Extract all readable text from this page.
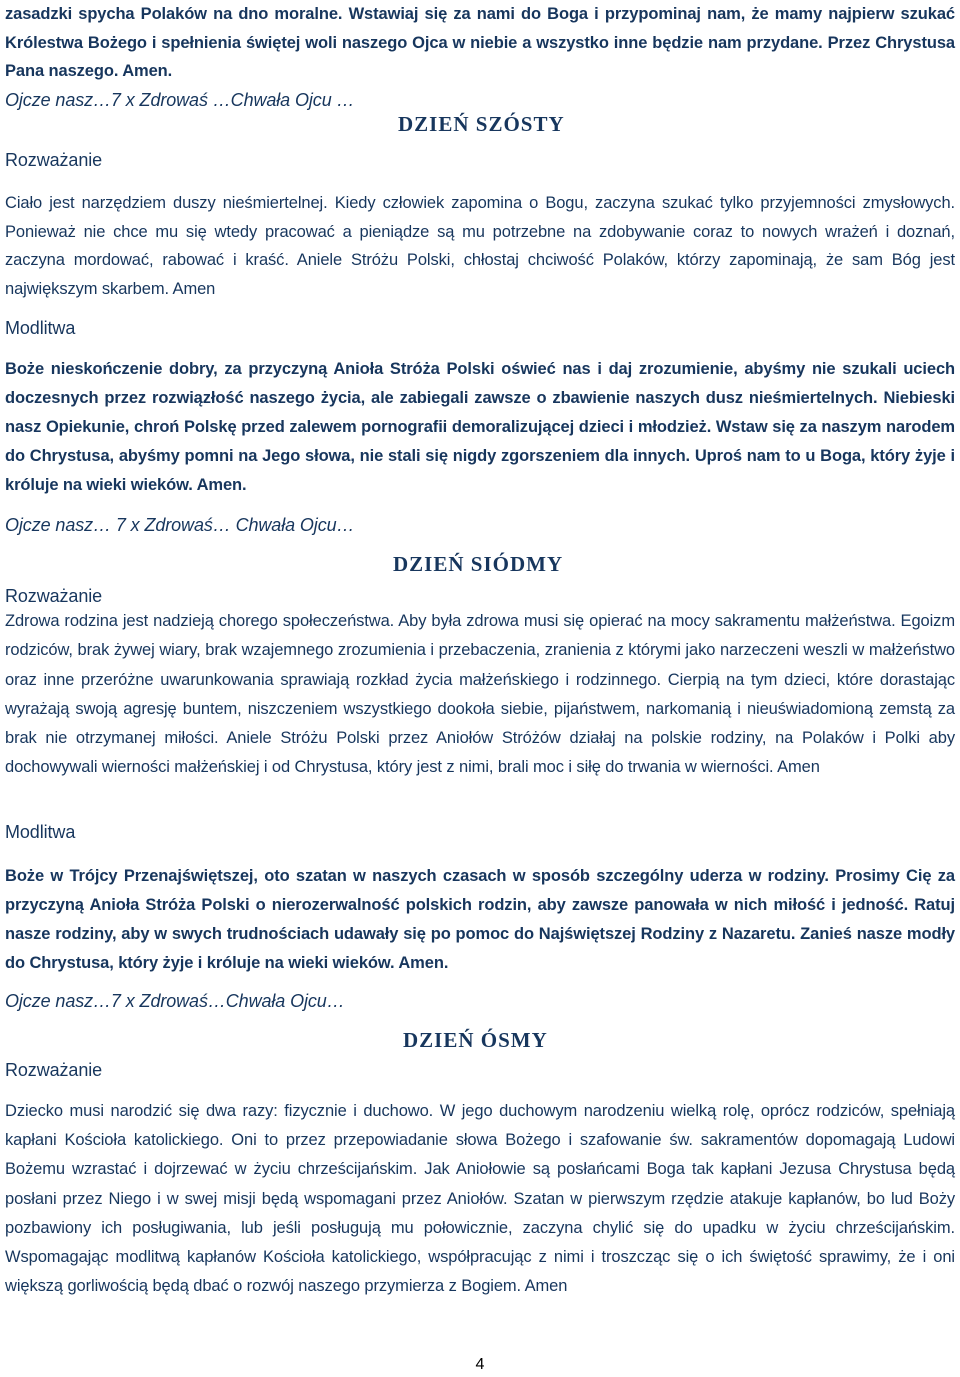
zasadzki spycha Polaków na dno moralne. Wstawiaj się za nami do Boga i przypominaj nam, że mamy najpierw szukać Królestwa Bożego i spełnienia świętej woli naszego Ojca w niebie a wszystko inne będzie nam przydane. Przez Chrystusa Pana naszego. Amen.

Ojcze nasz…7 x Zdrowaś …Chwała Ojcu …

DZIEŃ SZÓSTY

Rozważanie

Ciało jest narzędziem duszy nieśmiertelnej. Kiedy człowiek zapomina o Bogu, zaczyna szukać tylko przyjemności zmysłowych. Ponieważ nie chce mu się wtedy pracować a pieniądze są mu potrzebne na zdobywanie coraz to nowych wrażeń i doznań, zaczyna mordować, rabować i kraść. Aniele Stróżu Polski, chłostaj chciwość Polaków, którzy zapominają, że sam Bóg jest największym skarbem. Amen

Modlitwa

Boże nieskończenie dobry, za przyczyną Anioła Stróża Polski oświeć nas i daj zrozumienie, abyśmy nie szukali uciech doczesnych przez rozwiązłość naszego życia, ale zabiegali zawsze o zbawienie naszych dusz nieśmiertelnych. Niebieski nasz Opiekunie, chroń Polskę przed zalewem pornografii demoralizującej dzieci i młodzież. Wstaw się za naszym narodem do Chrystusa, abyśmy pomni na Jego słowa, nie stali się nigdy zgorszeniem dla innych. Uproś nam to u Boga, który żyje i króluje na wieki wieków. Amen.

Ojcze nasz… 7 x Zdrowaś… Chwała Ojcu…

DZIEŃ SIÓDMY

Rozważanie

Zdrowa rodzina jest nadzieją chorego społeczeństwa. Aby była zdrowa musi się opierać na mocy sakramentu małżeństwa. Egoizm rodziców, brak żywej wiary, brak wzajemnego zrozumienia i przebaczenia, zranienia z którymi jako narzeczeni weszli w małżeństwo oraz inne przeróżne uwarunkowania sprawiają rozkład życia małżeńskiego i rodzinnego. Cierpią na tym dzieci, które dorastając wyrażają swoją agresję buntem, niszczeniem wszystkiego dookoła siebie, pijaństwem, narkomanią i nieuświadomioną zemstą za brak nie otrzymanej miłości. Aniele Stróżu Polski przez Aniołów Stróżów działaj na polskie rodziny, na Polaków i Polki aby dochowywali wierności małżeńskiej i od Chrystusa, który jest z nimi, brali moc i siłę do trwania w wierności. Amen

Modlitwa

Boże w Trójcy Przenajświętszej, oto szatan w naszych czasach w sposób szczególny uderza w rodziny. Prosimy Cię za przyczyną Anioła Stróża Polski o nierozerwalność polskich rodzin, aby zawsze panowała w nich miłość i jedność. Ratuj nasze rodziny, aby w swych trudnościach udawały się po pomoc do Najświętszej Rodziny z Nazaretu. Zanieś nasze modły do Chrystusa, który żyje i króluje na wieki wieków. Amen.

Ojcze nasz…7 x Zdrowaś…Chwała Ojcu…

DZIEŃ ÓSMY

Rozważanie

Dziecko musi narodzić się dwa razy: fizycznie i duchowo. W jego duchowym narodzeniu wielką rolę, oprócz rodziców, spełniają kapłani Kościoła katolickiego. Oni to przez przepowiadanie słowa Bożego i szafowanie św. sakramentów dopomagają Ludowi Bożemu wzrastać i dojrzewać w życiu chrześcijańskim. Jak Aniołowie są posłańcami Boga tak kapłani Jezusa Chrystusa będą posłani przez Niego i w swej misji będą wspomagani przez Aniołów. Szatan w pierwszym rzędzie atakuje kapłanów, bo lud Boży pozbawiony ich posługiwania, lub jeśli posługują mu połowicznie, zaczyna chylić się do upadku w życiu chrześcijańskim. Wspomagając modlitwą kapłanów Kościoła katolickiego, współpracując z nimi i troszcząc się o ich świętość sprawimy, że i oni większą gorliwością będą dbać o rozwój naszego przymierza z Bogiem. Amen

4
